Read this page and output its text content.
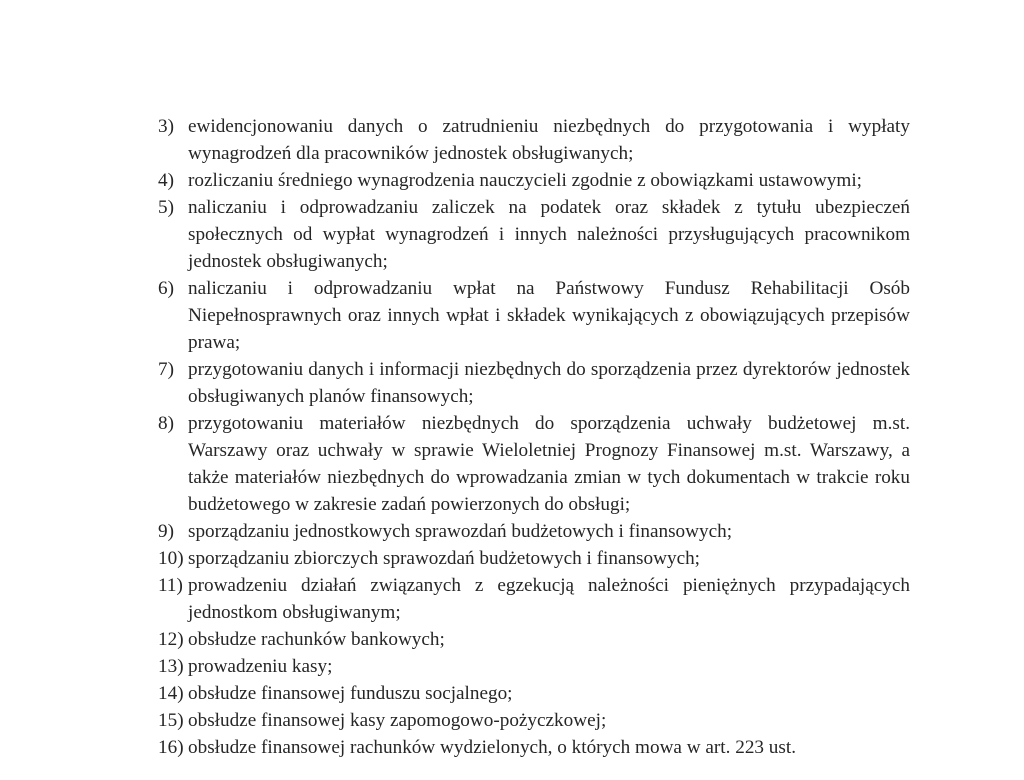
3) ewidencjonowaniu danych o zatrudnieniu niezbędnych do przygotowania i wypłaty wynagrodzeń dla pracowników jednostek obsługiwanych;
4) rozliczaniu średniego wynagrodzenia nauczycieli zgodnie z obowiązkami ustawowymi;
5) naliczaniu i odprowadzaniu zaliczek na podatek oraz składek z tytułu ubezpieczeń społecznych od wypłat wynagrodzeń i innych należności przysługujących pracownikom jednostek obsługiwanych;
6) naliczaniu i odprowadzaniu wpłat na Państwowy Fundusz Rehabilitacji Osób Niepełnosprawnych oraz innych wpłat i składek wynikających z obowiązujących przepisów prawa;
7) przygotowaniu danych i informacji niezbędnych do sporządzenia przez dyrektorów jednostek obsługiwanych planów finansowych;
8) przygotowaniu materiałów niezbędnych do sporządzenia uchwały budżetowej m.st. Warszawy oraz uchwały w sprawie Wieloletniej Prognozy Finansowej m.st. Warszawy, a także materiałów niezbędnych do wprowadzania zmian w tych dokumentach w trakcie roku budżetowego w zakresie zadań powierzonych do obsługi;
9) sporządzaniu jednostkowych sprawozdań budżetowych i finansowych;
10) sporządzaniu zbiorczych sprawozdań budżetowych i finansowych;
11) prowadzeniu działań związanych z egzekucją należności pieniężnych przypadających jednostkom obsługiwanym;
12) obsłudze rachunków bankowych;
13) prowadzeniu kasy;
14) obsłudze finansowej funduszu socjalnego;
15) obsłudze finansowej kasy zapomogowo-pożyczkowej;
16) obsłudze finansowej rachunków wydzielonych, o których mowa w art. 223 ust.
